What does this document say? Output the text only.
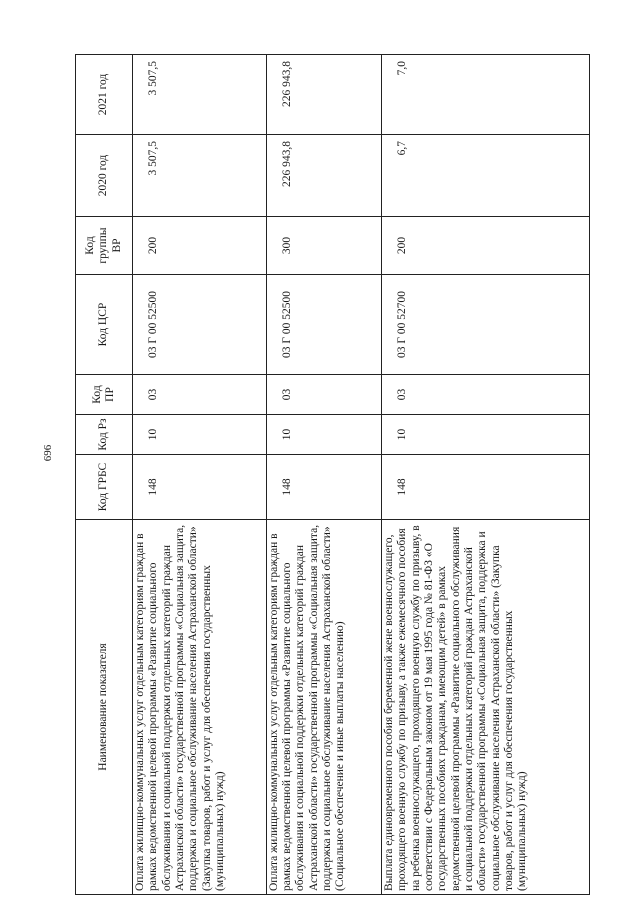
696
Наименование показателя	Код ГРБС	Код Рз	Код ПР	Код ЦСР	Код группы ВР	2020 год	2021 год
Оплата жилищно-коммунальных услуг отдельным категориям граждан в рамках ведомственной целевой программы «Развитие социального обслуживания и социальной поддержки отдельных категорий граждан Астраханской области» государственной программы «Социальная защита, поддержка и социальное обслуживание населения Астраханской области» (Закупка товаров, работ и услуг для обеспечения государственных (муниципальных) нужд)	148	10	03	03 Г 00 52500	200	3 507,5	3 507,5
Оплата жилищно-коммунальных услуг отдельным категориям граждан в рамках ведомственной целевой программы «Развитие социального обслуживания и социальной поддержки отдельных категорий граждан Астраханской области» государственной программы «Социальная защита, поддержка и социальное обслуживание населения Астраханской области» (Социальное обеспечение и иные выплаты населению)	148	10	03	03 Г 00 52500	300	226 943,8	226 943,8
Выплата единовременного пособия беременной жене военнослужащего, проходящего военную службу по призыву, а также ежемесячного пособия на ребенка военнослужащего, проходящего военную службу по призыву, в соответствии с Федеральным законом от 19 мая 1995 года № 81-ФЗ «О государственных пособиях гражданам, имеющим детей» в рамках ведомственной целевой программы «Развитие социального обслуживания и социальной поддержки отдельных категорий граждан Астраханской области» государственной программы «Социальная защита, поддержка и социальное обслуживание населения Астраханской области» (Закупка товаров, работ и услуг для обеспечения государственных (муниципальных) нужд)	148	10	03	03 Г 00 52700	200	6,7	7,0
